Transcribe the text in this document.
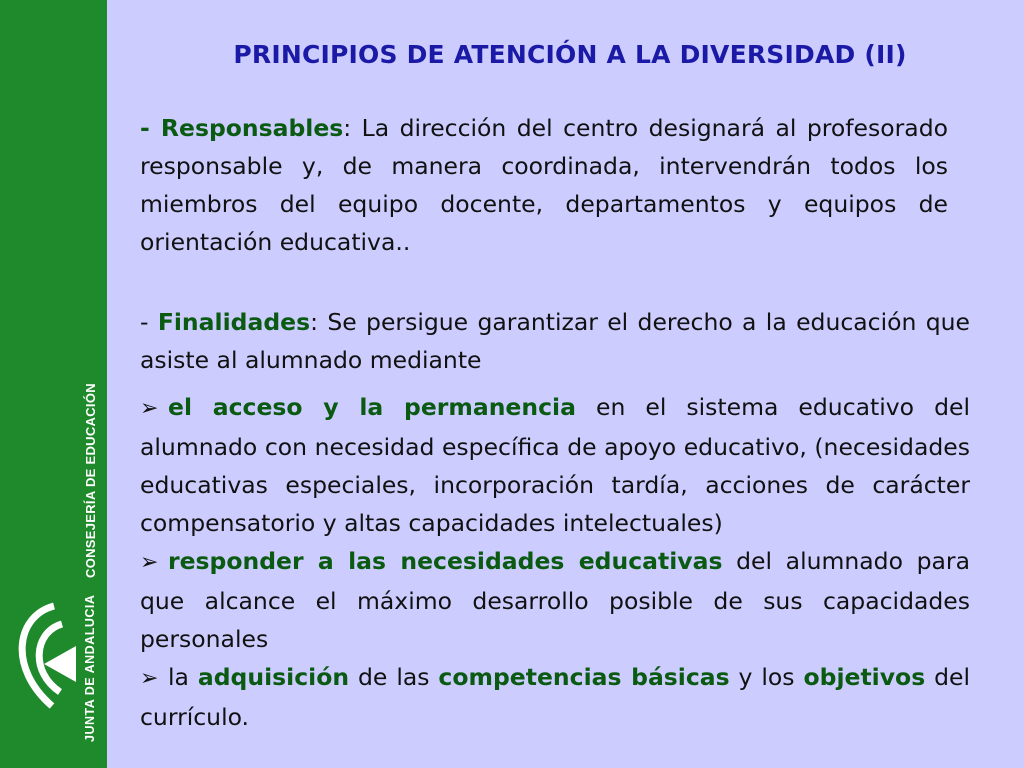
CONSEJERÍA DE EDUCACIÓN
JUNTA DE ANDALUCIA
PRINCIPIOS DE ATENCIÓN A LA DIVERSIDAD (II)
- Responsables: La dirección del centro designará al profesorado responsable y, de manera coordinada, intervendrán todos los miembros del equipo docente, departamentos y equipos de orientación educativa..
- Finalidades: Se persigue garantizar el derecho a la educación que asiste al alumnado mediante

➢ el acceso y la permanencia en el sistema educativo del alumnado con necesidad específica de apoyo educativo, (necesidades educativas especiales, incorporación tardía, acciones de carácter compensatorio y altas capacidades intelectuales)

➢ responder a las necesidades educativas del alumnado para que alcance el máximo desarrollo posible de sus capacidades personales

➢ la adquisición de las competencias básicas y los objetivos del currículo.
